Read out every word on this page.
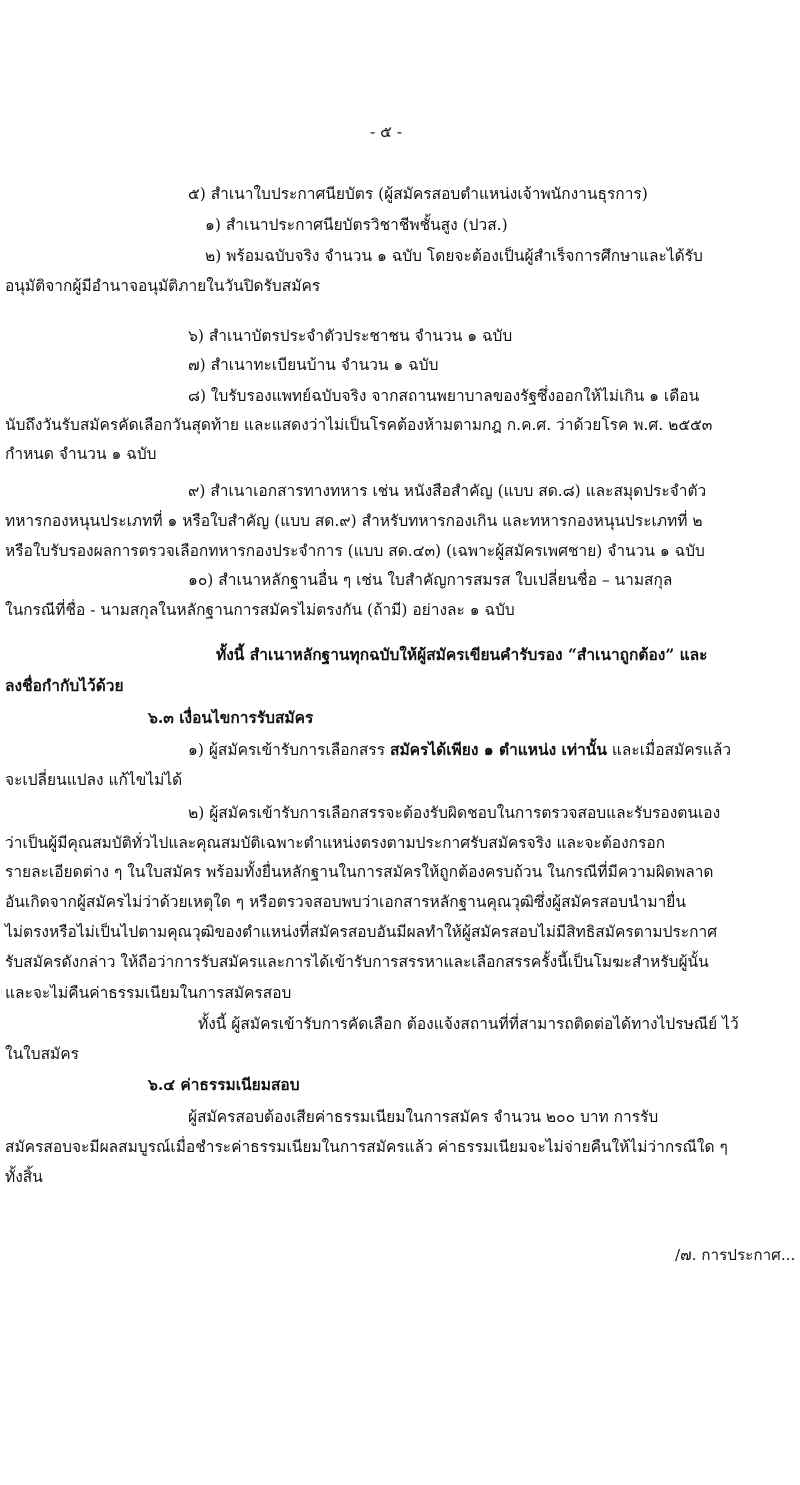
- ๕ -
๕) สำเนาใบประกาศนียบัตร (ผู้สมัครสอบตำแหน่งเจ้าพนักงานธุรการ)
๑) สำเนาประกาศนียบัตรวิชาชีพชั้นสูง (ปวส.)
๒) พร้อมฉบับจริง จำนวน ๑ ฉบับ โดยจะต้องเป็นผู้สำเร็จการศึกษาและได้รับ
อนุมัติจากผู้มีอำนาจอนุมัติภายในวันปิดรับสมัคร
๖) สำเนาบัตรประจำตัวประชาชน จำนวน ๑ ฉบับ
๗) สำเนาทะเบียนบ้าน จำนวน ๑ ฉบับ
๘) ใบรับรองแพทย์ฉบับจริง จากสถานพยาบาลของรัฐซึ่งออกให้ไม่เกิน ๑ เดือน
นับถึงวันรับสมัครคัดเลือกวันสุดท้าย และแสดงว่าไม่เป็นโรคต้องห้ามตามกฎ ก.ค.ศ. ว่าด้วยโรค พ.ศ. ๒๕๕๓
กำหนด จำนวน ๑ ฉบับ
๙) สำเนาเอกสารทางทหาร เช่น หนังสือสำคัญ (แบบ สด.๘) และสมุดประจำตัว
ทหารกองหนุนประเภทที่ ๑ หรือใบสำคัญ (แบบ สด.๙) สำหรับทหารกองเกิน และทหารกองหนุนประเภทที่ ๒
หรือใบรับรองผลการตรวจเลือกทหารกองประจำการ (แบบ สด.๔๓) (เฉพาะผู้สมัครเพศชาย) จำนวน ๑ ฉบับ
๑๐) สำเนาหลักฐานอื่น ๆ เช่น ใบสำคัญการสมรส ใบเปลี่ยนชื่อ – นามสกุล
ในกรณีที่ชื่อ - นามสกุลในหลักฐานการสมัครไม่ตรงกัน (ถ้ามี) อย่างละ ๑ ฉบับ
ทั้งนี้ สำเนาหลักฐานทุกฉบับให้ผู้สมัครเขียนคำรับรอง “สำเนาถูกต้อง” และ
ลงชื่อกำกับไว้ด้วย
๖.๓ เงื่อนไขการรับสมัคร
๑) ผู้สมัครเข้ารับการเลือกสรร สมัครได้เพียง ๑ ตำแหน่ง เท่านั้น และเมื่อสมัครแล้ว
จะเปลี่ยนแปลง แก้ไขไม่ได้
๒) ผู้สมัครเข้ารับการเลือกสรรจะต้องรับผิดชอบในการตรวจสอบและรับรองตนเอง
ว่าเป็นผู้มีคุณสมบัติทั่วไปและคุณสมบัติเฉพาะตำแหน่งตรงตามประกาศรับสมัครจริง และจะต้องกรอก
รายละเอียดต่าง ๆ ในใบสมัคร พร้อมทั้งยื่นหลักฐานในการสมัครให้ถูกต้องครบถ้วน ในกรณีที่มีความผิดพลาด
อันเกิดจากผู้สมัครไม่ว่าด้วยเหตุใด ๆ หรือตรวจสอบพบว่าเอกสารหลักฐานคุณวุฒิซึ่งผู้สมัครสอบนำมายื่น
ไม่ตรงหรือไม่เป็นไปตามคุณวุฒิของตำแหน่งที่สมัครสอบอันมีผลทำให้ผู้สมัครสอบไม่มีสิทธิสมัครตามประกาศ
รับสมัครดังกล่าว ให้ถือว่าการรับสมัครและการได้เข้ารับการสรรหาและเลือกสรรครั้งนี้เป็นโมฆะสำหรับผู้นั้น
และจะไม่คืนค่าธรรมเนียมในการสมัครสอบ
ทั้งนี้ ผู้สมัครเข้ารับการคัดเลือก ต้องแจ้งสถานที่ที่สามารถติดต่อได้ทางไปรษณีย์ ไว้
ในใบสมัคร
๖.๔ ค่าธรรมเนียมสอบ
ผู้สมัครสอบต้องเสียค่าธรรมเนียมในการสมัคร จำนวน ๒๐๐ บาท การรับ
สมัครสอบจะมีผลสมบูรณ์เมื่อชำระค่าธรรมเนียมในการสมัครแล้ว ค่าธรรมเนียมจะไม่จ่ายคืนให้ไม่ว่ากรณีใด ๆ
ทั้งสิ้น
/๗. การประกาศ...
